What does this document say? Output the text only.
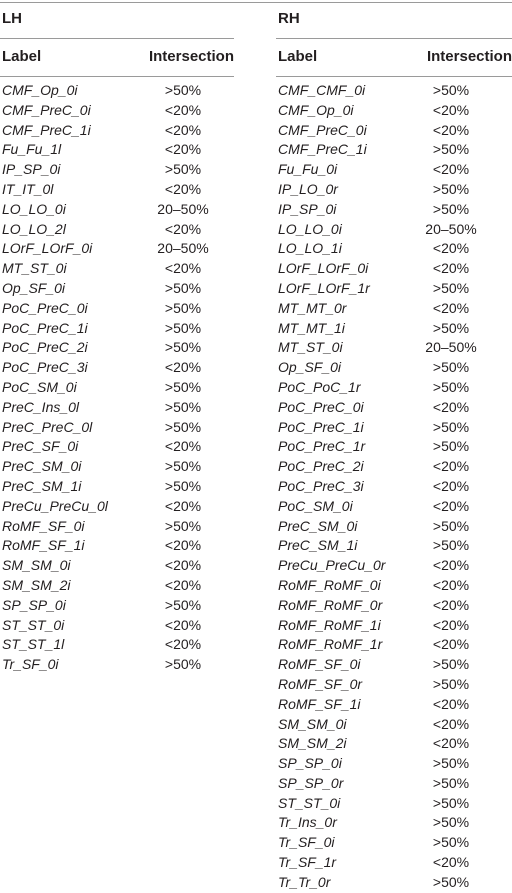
LH
Label	Intersection
CMF_Op_0i	>50%
CMF_PreC_0i	<20%
CMF_PreC_1i	<20%
Fu_Fu_1l	<20%
IP_SP_0i	>50%
IT_IT_0l	<20%
LO_LO_0i	20–50%
LO_LO_2l	<20%
LOrF_LOrF_0i	20–50%
MT_ST_0i	<20%
Op_SF_0i	>50%
PoC_PreC_0i	>50%
PoC_PreC_1i	>50%
PoC_PreC_2i	>50%
PoC_PreC_3i	<20%
PoC_SM_0i	>50%
PreC_Ins_0l	>50%
PreC_PreC_0l	>50%
PreC_SF_0i	<20%
PreC_SM_0i	>50%
PreC_SM_1i	>50%
PreCu_PreCu_0l	<20%
RoMF_SF_0i	>50%
RoMF_SF_1i	<20%
SM_SM_0i	<20%
SM_SM_2i	<20%
SP_SP_0i	>50%
ST_ST_0i	<20%
ST_ST_1l	<20%
Tr_SF_0i	>50%
RH
Label	Intersection
CMF_CMF_0i	>50%
CMF_Op_0i	<20%
CMF_PreC_0i	<20%
CMF_PreC_1i	>50%
Fu_Fu_0i	<20%
IP_LO_0r	>50%
IP_SP_0i	>50%
LO_LO_0i	20–50%
LO_LO_1i	<20%
LOrF_LOrF_0i	<20%
LOrF_LOrF_1r	>50%
MT_MT_0r	<20%
MT_MT_1i	>50%
MT_ST_0i	20–50%
Op_SF_0i	>50%
PoC_PoC_1r	>50%
PoC_PreC_0i	<20%
PoC_PreC_1i	>50%
PoC_PreC_1r	>50%
PoC_PreC_2i	<20%
PoC_PreC_3i	<20%
PoC_SM_0i	<20%
PreC_SM_0i	>50%
PreC_SM_1i	>50%
PreCu_PreCu_0r	<20%
RoMF_RoMF_0i	<20%
RoMF_RoMF_0r	<20%
RoMF_RoMF_1i	<20%
RoMF_RoMF_1r	<20%
RoMF_SF_0i	>50%
RoMF_SF_0r	>50%
RoMF_SF_1i	<20%
SM_SM_0i	<20%
SM_SM_2i	<20%
SP_SP_0i	>50%
SP_SP_0r	>50%
ST_ST_0i	>50%
Tr_Ins_0r	>50%
Tr_SF_0i	>50%
Tr_SF_1r	<20%
Tr_Tr_0r	>50%
